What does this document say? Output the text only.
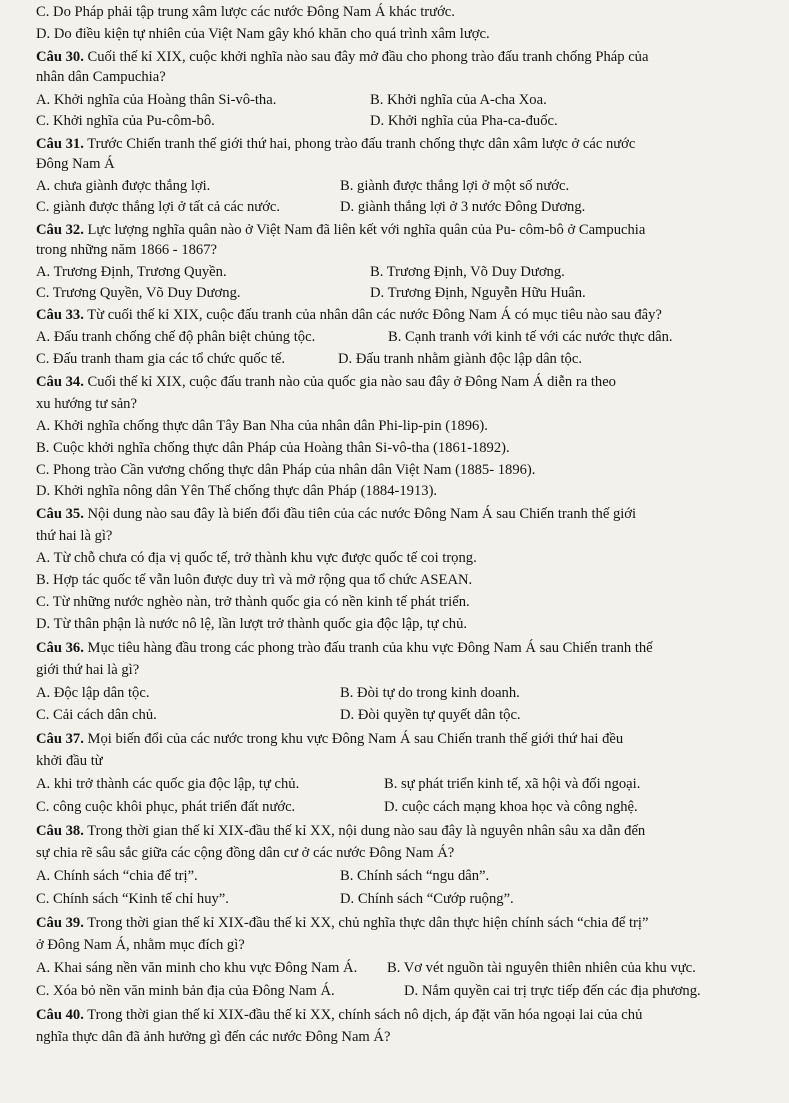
C. Do Pháp phải tập trung xâm lược các nước Đông Nam Á khác trước.
D. Do điều kiện tự nhiên của Việt Nam gây khó khăn cho quá trình xâm lược.
Câu 30. Cuối thế kỉ XIX, cuộc khởi nghĩa nào sau đây mở đầu cho phong trào đấu tranh chống Pháp của
nhân dân Campuchia?
A. Khởi nghĩa của Hoàng thân Si-vô-tha.	B. Khởi nghĩa của A-cha Xoa.
C. Khởi nghĩa của Pu-côm-bô.	D. Khởi nghĩa của Pha-ca-đuốc.
Câu 31. Trước Chiến tranh thế giới thứ hai, phong trào đấu tranh chống thực dân xâm lược ở các nước
Đông Nam Á
A. chưa giành được thắng lợi.	B. giành được thắng lợi ở một số nước.
C. giành được thắng lợi ở tất cả các nước.	D. giành thắng lợi ở 3 nước Đông Dương.
Câu 32. Lực lượng nghĩa quân nào ở Việt Nam đã liên kết với nghĩa quân của Pu- côm-bô ở Campuchia
trong những năm 1866 - 1867?
A. Trương Định, Trương Quyền.	B. Trương Định, Võ Duy Dương.
C. Trương Quyền, Võ Duy Dương.	D. Trương Định, Nguyễn Hữu Huân.
Câu 33. Từ cuối thế kỉ XIX, cuộc đấu tranh của nhân dân các nước Đông Nam Á có mục tiêu nào sau đây?
A. Đấu tranh chống chế độ phân biệt chủng tộc.	B. Cạnh tranh với kinh tế với các nước thực dân.
C. Đấu tranh tham gia các tổ chức quốc tế.	D. Đấu tranh nhằm giành độc lập dân tộc.
Câu 34. Cuối thế kỉ XIX, cuộc đấu tranh nào của quốc gia nào sau đây ở Đông Nam Á diễn ra theo
xu hướng tư sản?
A. Khởi nghĩa chống thực dân Tây Ban Nha của nhân dân Phi-lip-pin (1896).
B. Cuộc khởi nghĩa chống thực dân Pháp của Hoàng thân Si-vô-tha (1861-1892).
C. Phong trào Cần vương chống thực dân Pháp của nhân dân Việt Nam (1885- 1896).
D. Khởi nghĩa nông dân Yên Thế chống thực dân Pháp (1884-1913).
Câu 35. Nội dung nào sau đây là biến đổi đầu tiên của các nước Đông Nam Á sau Chiến tranh thế giới
thứ hai là gì?
A. Từ chỗ chưa có địa vị quốc tế, trở thành khu vực được quốc tế coi trọng.
B. Hợp tác quốc tế vẫn luôn được duy trì và mở rộng qua tổ chức ASEAN.
C. Từ những nước nghèo nàn, trở thành quốc gia có nền kinh tế phát triển.
D. Từ thân phận là nước nô lệ, lần lượt trở thành quốc gia độc lập, tự chủ.
Câu 36. Mục tiêu hàng đầu trong các phong trào đấu tranh của khu vực Đông Nam Á sau Chiến tranh thế
giới thứ hai là gì?
A. Độc lập dân tộc.	B. Đòi tự do trong kinh doanh.
C. Cải cách dân chủ.	D. Đòi quyền tự quyết dân tộc.
Câu 37. Mọi biến đổi của các nước trong khu vực Đông Nam Á sau Chiến tranh thế giới thứ hai đều
khởi đầu từ
A. khi trở thành các quốc gia độc lập, tự chủ.	B. sự phát triển kinh tế, xã hội và đối ngoại.
C. công cuộc khôi phục, phát triển đất nước.	D. cuộc cách mạng khoa học và công nghệ.
Câu 38. Trong thời gian thế kỉ XIX-đầu thế kỉ XX, nội dung nào sau đây là nguyên nhân sâu xa dẫn đến
sự chia rẽ sâu sắc giữa các cộng đồng dân cư ở các nước Đông Nam Á?
A. Chính sách “chia để trị”.	B. Chính sách “ngu dân”.
C. Chính sách “Kinh tế chỉ huy”.	D. Chính sách “Cướp ruộng”.
Câu 39. Trong thời gian thế kỉ XIX-đầu thế kỉ XX, chủ nghĩa thực dân thực hiện chính sách “chia để trị”
ở Đông Nam Á, nhằm mục đích gì?
A. Khai sáng nền văn minh cho khu vực Đông Nam Á. B. Vơ vét nguồn tài nguyên thiên nhiên của khu vực.
C. Xóa bỏ nền văn minh bản địa của Đông Nam Á.	D. Nắm quyền cai trị trực tiếp đến các địa phương.
Câu 40. Trong thời gian thế kỉ XIX-đầu thế kỉ XX, chính sách nô dịch, áp đặt văn hóa ngoại lai của chủ
nghĩa thực dân đã ảnh hưởng gì đến các nước Đông Nam Á?
